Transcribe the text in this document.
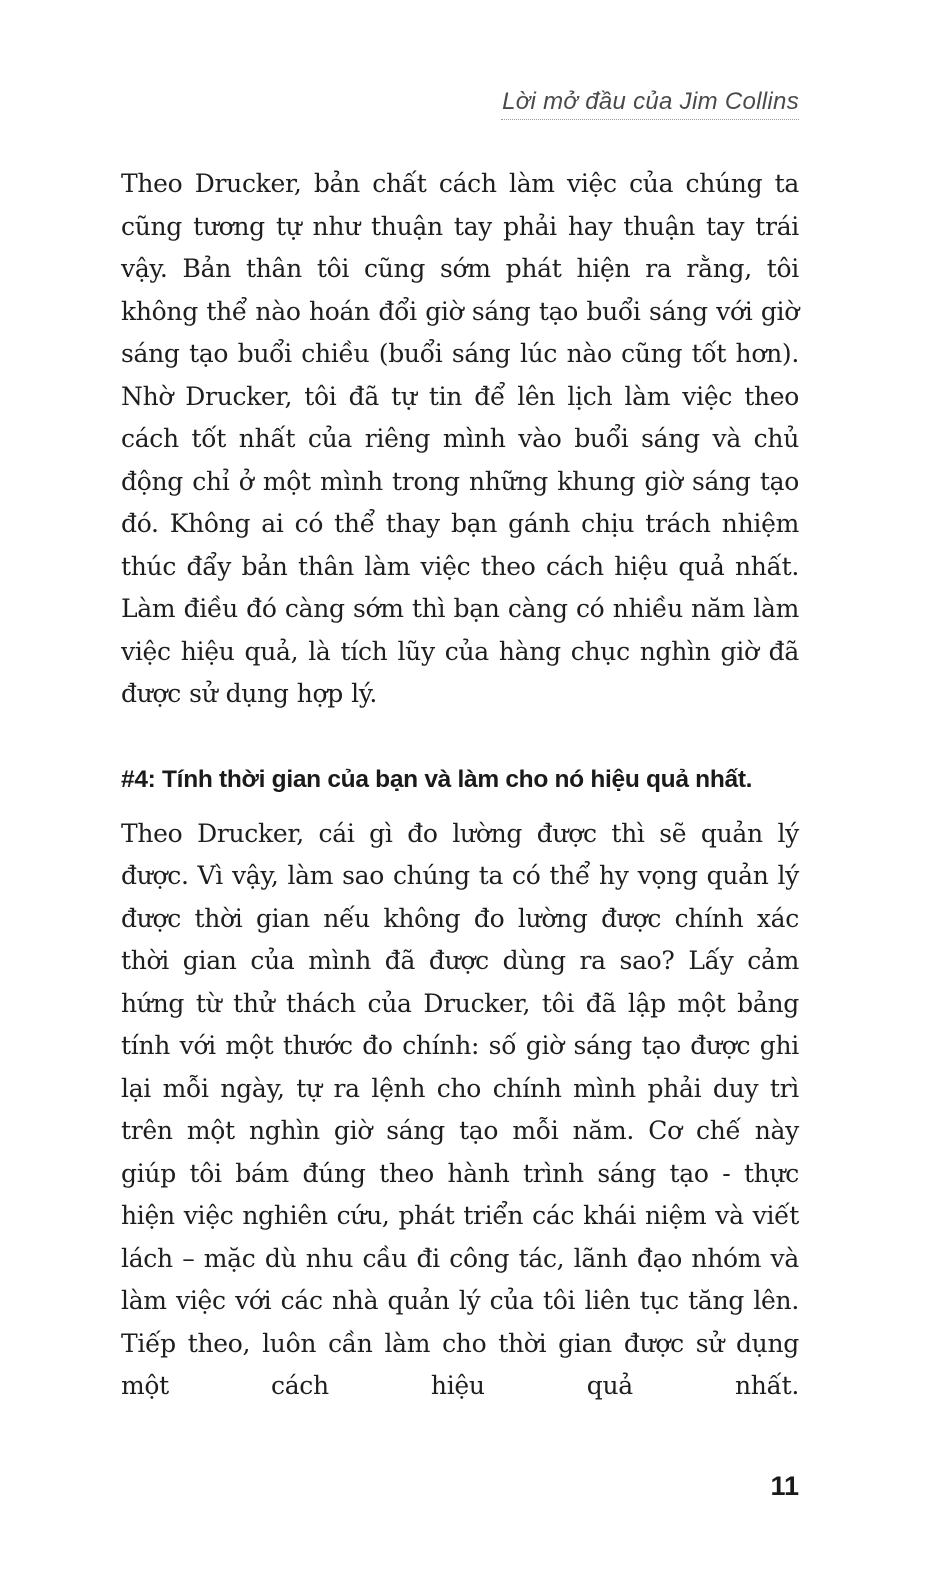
Lời mở đầu của Jim Collins

Theo Drucker, bản chất cách làm việc của chúng ta cũng tương tự như thuận tay phải hay thuận tay trái vậy. Bản thân tôi cũng sớm phát hiện ra rằng, tôi không thể nào hoán đổi giờ sáng tạo buổi sáng với giờ sáng tạo buổi chiều (buổi sáng lúc nào cũng tốt hơn). Nhờ Drucker, tôi đã tự tin để lên lịch làm việc theo cách tốt nhất của riêng mình vào buổi sáng và chủ động chỉ ở một mình trong những khung giờ sáng tạo đó. Không ai có thể thay bạn gánh chịu trách nhiệm thúc đẩy bản thân làm việc theo cách hiệu quả nhất. Làm điều đó càng sớm thì bạn càng có nhiều năm làm việc hiệu quả, là tích lũy của hàng chục nghìn giờ đã được sử dụng hợp lý.

#4: Tính thời gian của bạn và làm cho nó hiệu quả nhất.

Theo Drucker, cái gì đo lường được thì sẽ quản lý được. Vì vậy, làm sao chúng ta có thể hy vọng quản lý được thời gian nếu không đo lường được chính xác thời gian của mình đã được dùng ra sao? Lấy cảm hứng từ thử thách của Drucker, tôi đã lập một bảng tính với một thước đo chính: số giờ sáng tạo được ghi lại mỗi ngày, tự ra lệnh cho chính mình phải duy trì trên một nghìn giờ sáng tạo mỗi năm. Cơ chế này giúp tôi bám đúng theo hành trình sáng tạo - thực hiện việc nghiên cứu, phát triển các khái niệm và viết lách – mặc dù nhu cầu đi công tác, lãnh đạo nhóm và làm việc với các nhà quản lý của tôi liên tục tăng lên. Tiếp theo, luôn cần làm cho thời gian được sử dụng một cách hiệu quả nhất.

11
